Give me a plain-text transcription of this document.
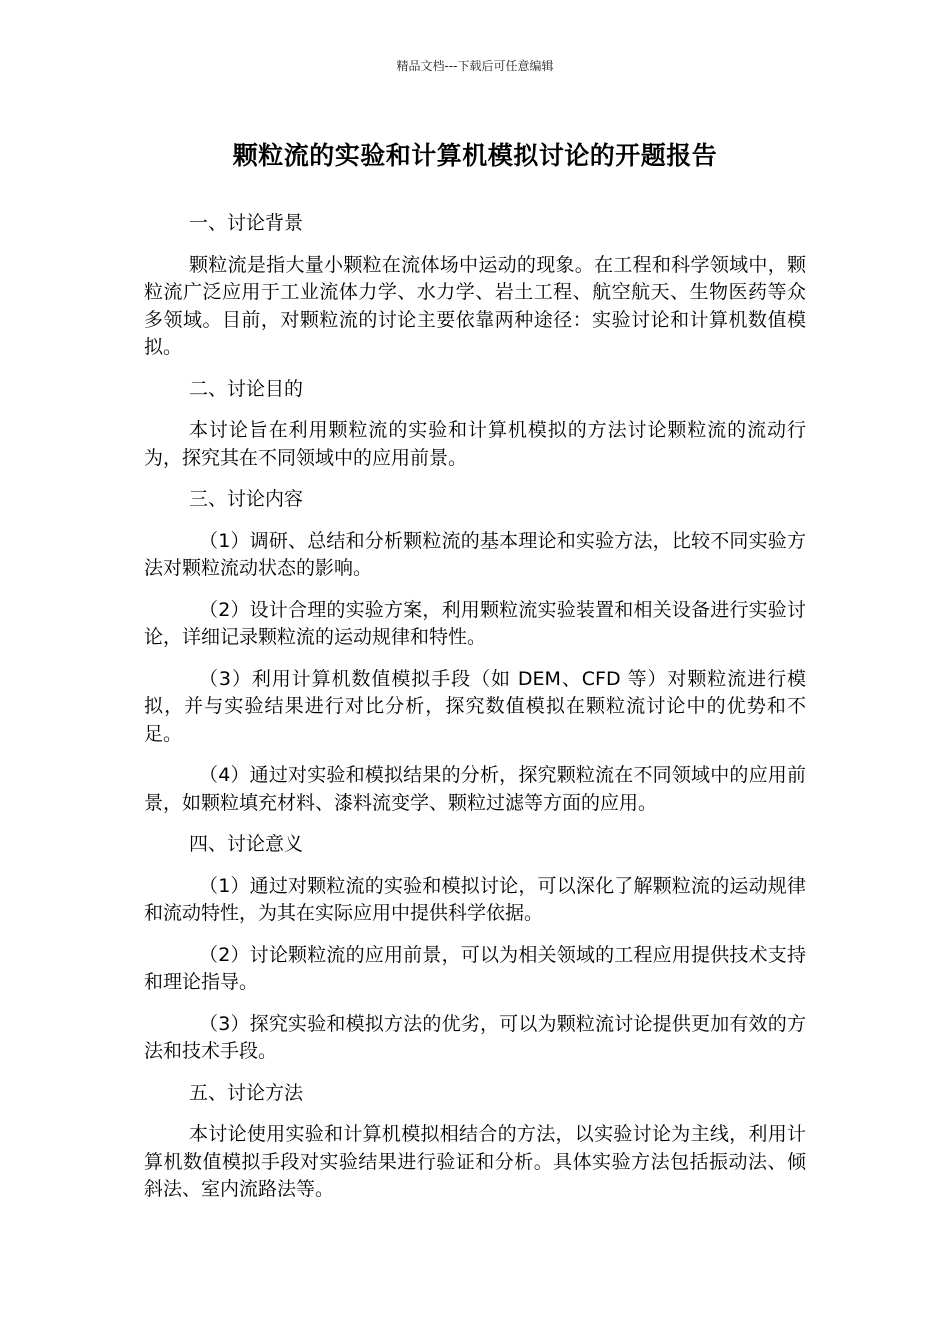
精品文档---下载后可任意编辑
颗粒流的实验和计算机模拟讨论的开题报告

一、讨论背景

颗粒流是指大量小颗粒在流体场中运动的现象。在工程和科学领域中，颗粒流广泛应用于工业流体力学、水力学、岩土工程、航空航天、生物医药等众多领域。目前，对颗粒流的讨论主要依靠两种途径：实验讨论和计算机数值模拟。

二、讨论目的

本讨论旨在利用颗粒流的实验和计算机模拟的方法讨论颗粒流的流动行为，探究其在不同领域中的应用前景。

三、讨论内容

（1）调研、总结和分析颗粒流的基本理论和实验方法，比较不同实验方法对颗粒流动状态的影响。

（2）设计合理的实验方案，利用颗粒流实验装置和相关设备进行实验讨论，详细记录颗粒流的运动规律和特性。

（3）利用计算机数值模拟手段（如 DEM、CFD 等）对颗粒流进行模拟，并与实验结果进行对比分析，探究数值模拟在颗粒流讨论中的优势和不足。

（4）通过对实验和模拟结果的分析，探究颗粒流在不同领域中的应用前景，如颗粒填充材料、漆料流变学、颗粒过滤等方面的应用。

四、讨论意义

（1）通过对颗粒流的实验和模拟讨论，可以深化了解颗粒流的运动规律和流动特性，为其在实际应用中提供科学依据。

（2）讨论颗粒流的应用前景，可以为相关领域的工程应用提供技术支持和理论指导。

（3）探究实验和模拟方法的优劣，可以为颗粒流讨论提供更加有效的方法和技术手段。

五、讨论方法

本讨论使用实验和计算机模拟相结合的方法，以实验讨论为主线，利用计算机数值模拟手段对实验结果进行验证和分析。具体实验方法包括振动法、倾斜法、室内流路法等。
